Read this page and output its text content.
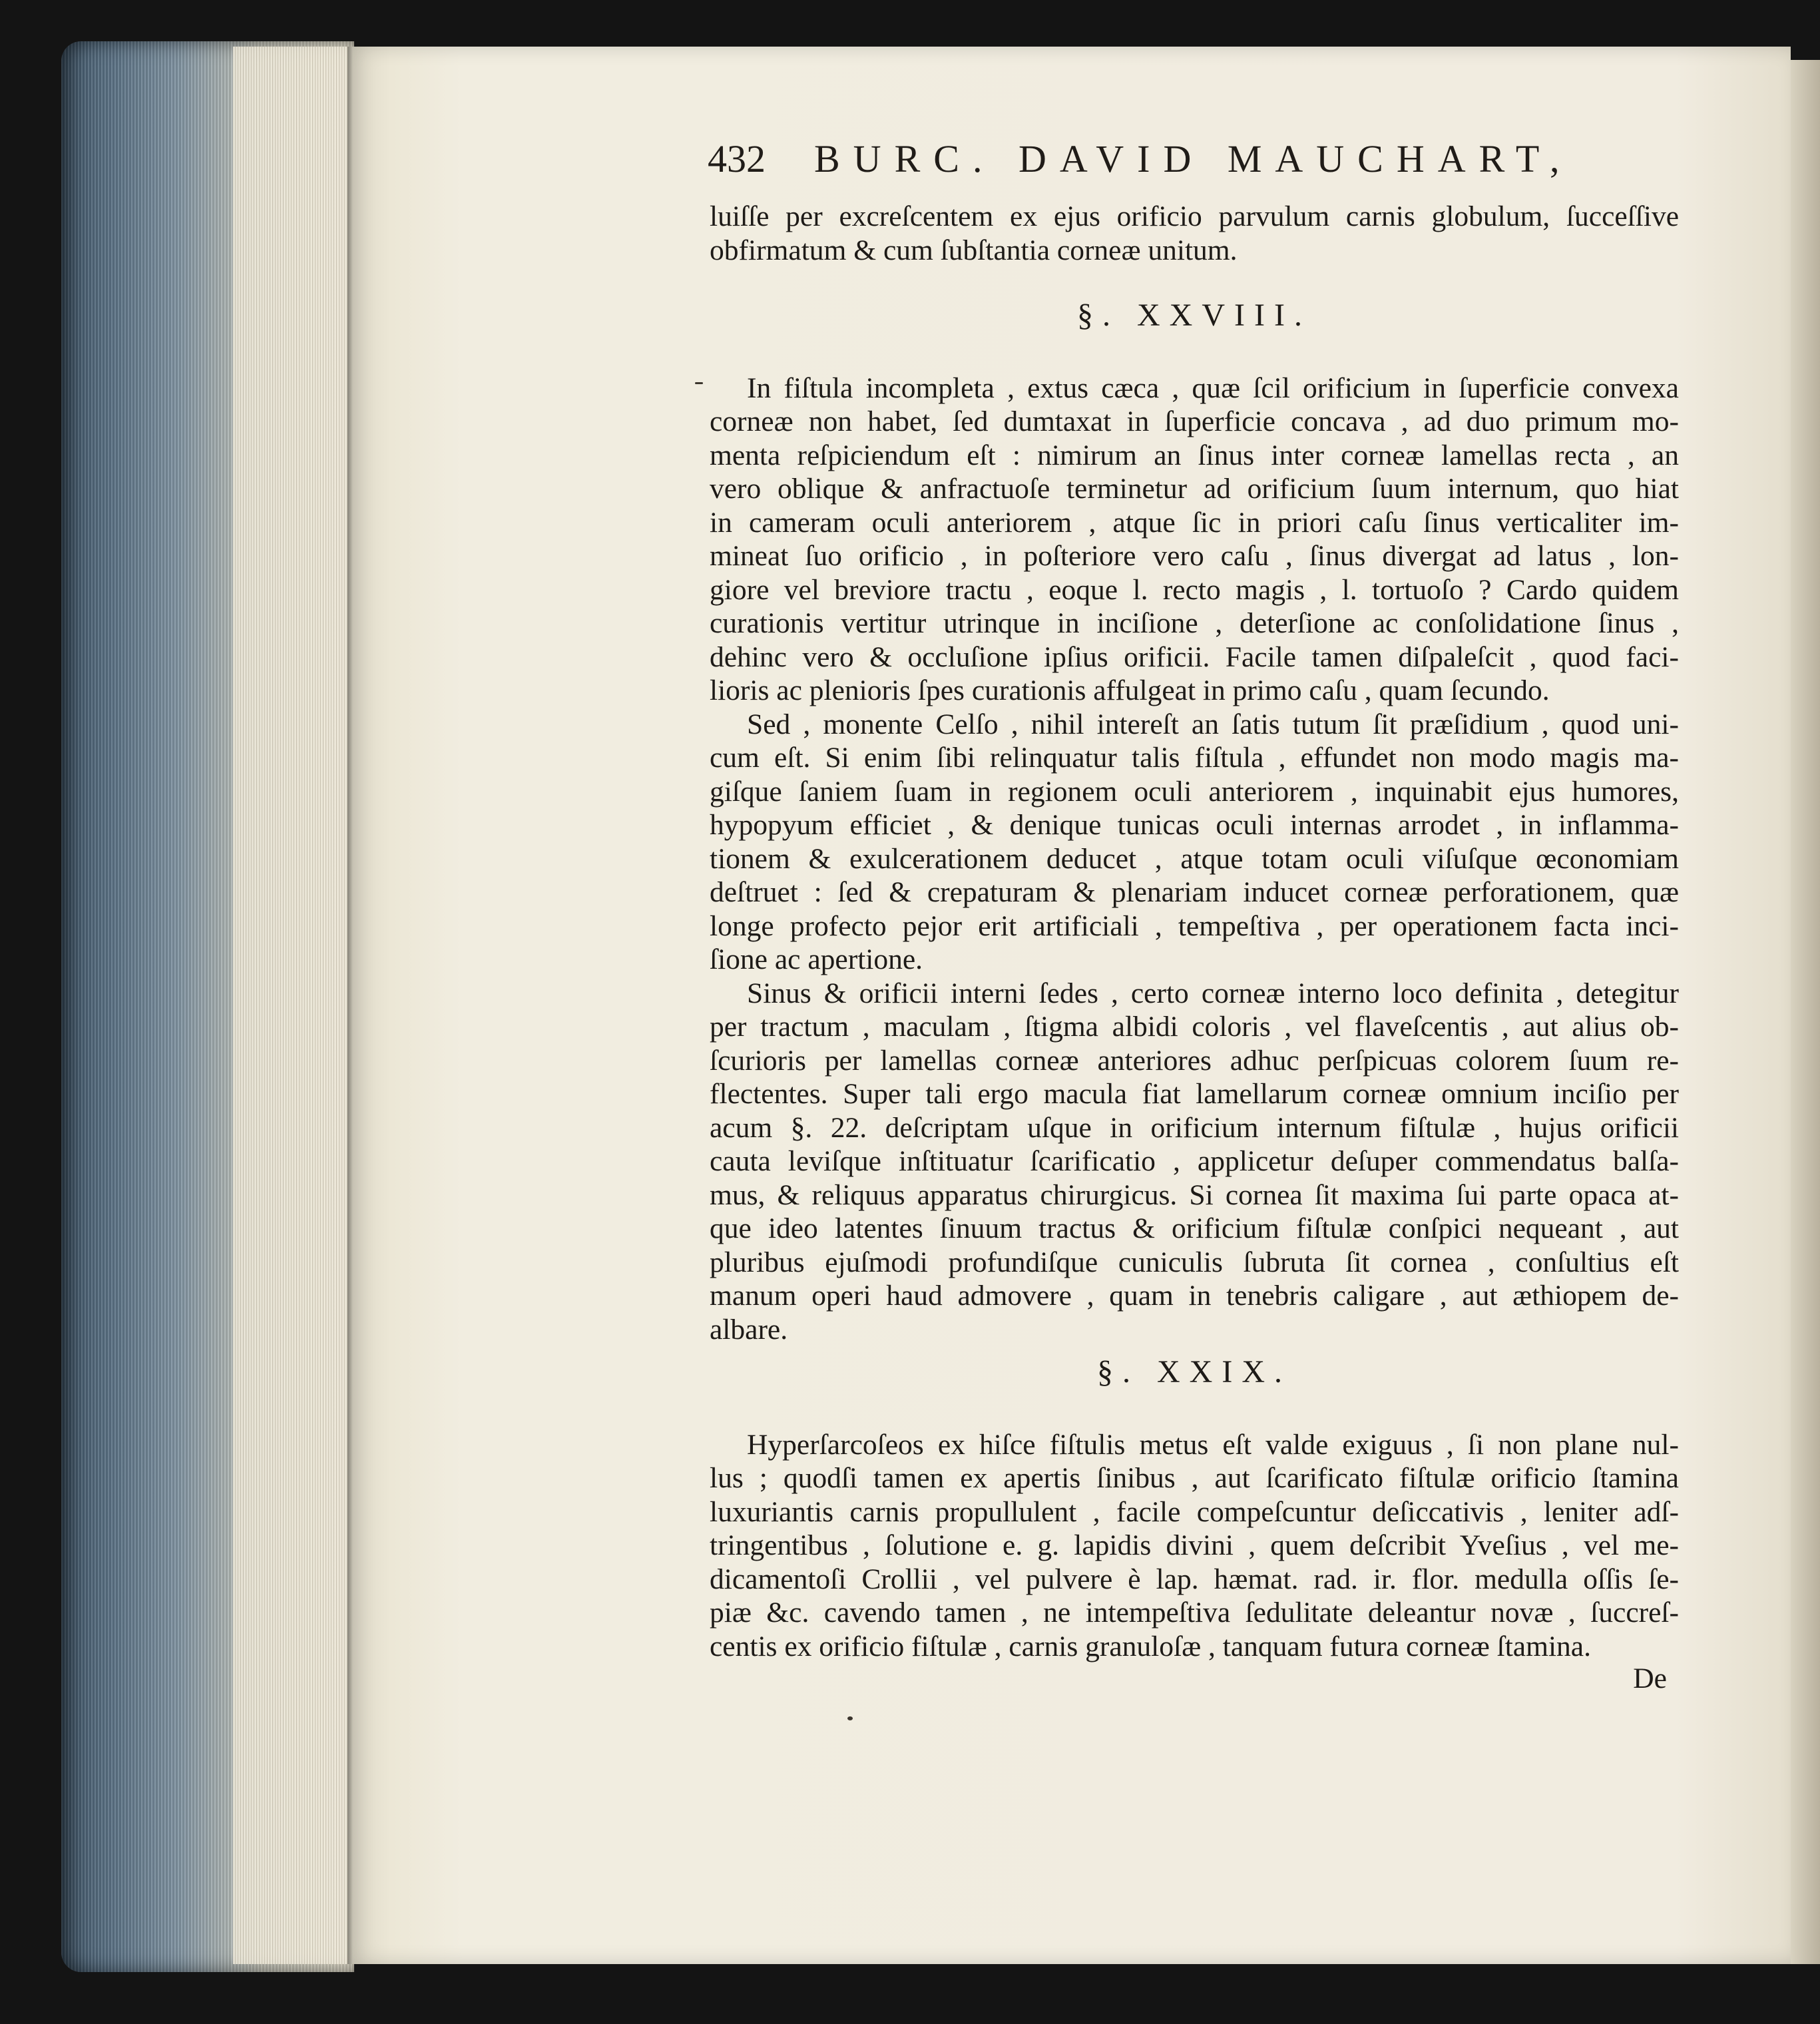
432 BURC. DAVID MAUCHART,
luiſſe per excreſcentem ex ejus orificio parvulum carnis globulum, ſucceſſive
obfirmatum & cum ſubſtantia corneæ unitum.
§. XXVIII.
In fiſtula incompleta , extus cæca , quæ ſcil orificium in ſuperficie convexa
corneæ non habet, ſed dumtaxat in ſuperficie concava , ad duo primum mo-
menta reſpiciendum eſt : nimirum an ſinus inter corneæ lamellas recta , an
vero oblique & anfractuoſe terminetur ad orificium ſuum internum, quo hiat
in cameram oculi anteriorem , atque ſic in priori caſu ſinus verticaliter im-
mineat ſuo orificio , in poſteriore vero caſu , ſinus divergat ad latus , lon-
giore vel breviore tractu , eoque l. recto magis , l. tortuoſo ? Cardo quidem
curationis vertitur utrinque in inciſione , deterſione ac conſolidatione ſinus ,
dehinc vero & occluſione ipſius orificii. Facile tamen diſpaleſcit , quod faci-
lioris ac plenioris ſpes curationis affulgeat in primo caſu , quam ſecundo.
Sed , monente Celſo , nihil intereſt an ſatis tutum ſit præſidium , quod uni-
cum eſt. Si enim ſibi relinquatur talis fiſtula , effundet non modo magis ma-
giſque ſaniem ſuam in regionem oculi anteriorem , inquinabit ejus humores,
hypopyum efficiet , & denique tunicas oculi internas arrodet , in inflamma-
tionem & exulcerationem deducet , atque totam oculi viſuſque œconomiam
deſtruet : ſed & crepaturam & plenariam inducet corneæ perforationem, quæ
longe profecto pejor erit artificiali , tempeſtiva , per operationem facta inci-
ſione ac apertione.
Sinus & orificii interni ſedes , certo corneæ interno loco definita , detegitur
per tractum , maculam , ſtigma albidi coloris , vel flaveſcentis , aut alius ob-
ſcurioris per lamellas corneæ anteriores adhuc perſpicuas colorem ſuum re-
flectentes. Super tali ergo macula fiat lamellarum corneæ omnium inciſio per
acum §. 22. deſcriptam uſque in orificium internum fiſtulæ , hujus orificii
cauta leviſque inſtituatur ſcarificatio , applicetur deſuper commendatus balſa-
mus, & reliquus apparatus chirurgicus. Si cornea ſit maxima ſui parte opaca at-
que ideo latentes ſinuum tractus & orificium fiſtulæ conſpici nequeant , aut
pluribus ejuſmodi profundiſque cuniculis ſubruta ſit cornea , conſultius eſt
manum operi haud admovere , quam in tenebris caligare , aut æthiopem de-
albare.
§. XXIX.
Hyperſarcoſeos ex hiſce fiſtulis metus eſt valde exiguus , ſi non plane nul-
lus ; quodſi tamen ex apertis ſinibus , aut ſcarificato fiſtulæ orificio ſtamina
luxuriantis carnis propullulent , facile compeſcuntur deſiccativis , leniter adſ-
tringentibus , ſolutione e. g. lapidis divini , quem deſcribit Yveſius , vel me-
dicamentoſi Crollii , vel pulvere è lap. hæmat. rad. ir. flor. medulla oſſis ſe-
piæ &c. cavendo tamen , ne intempeſtiva ſedulitate deleantur novæ , ſuccreſ-
centis ex orificio fiſtulæ , carnis granuloſæ , tanquam futura corneæ ſtamina.
De
